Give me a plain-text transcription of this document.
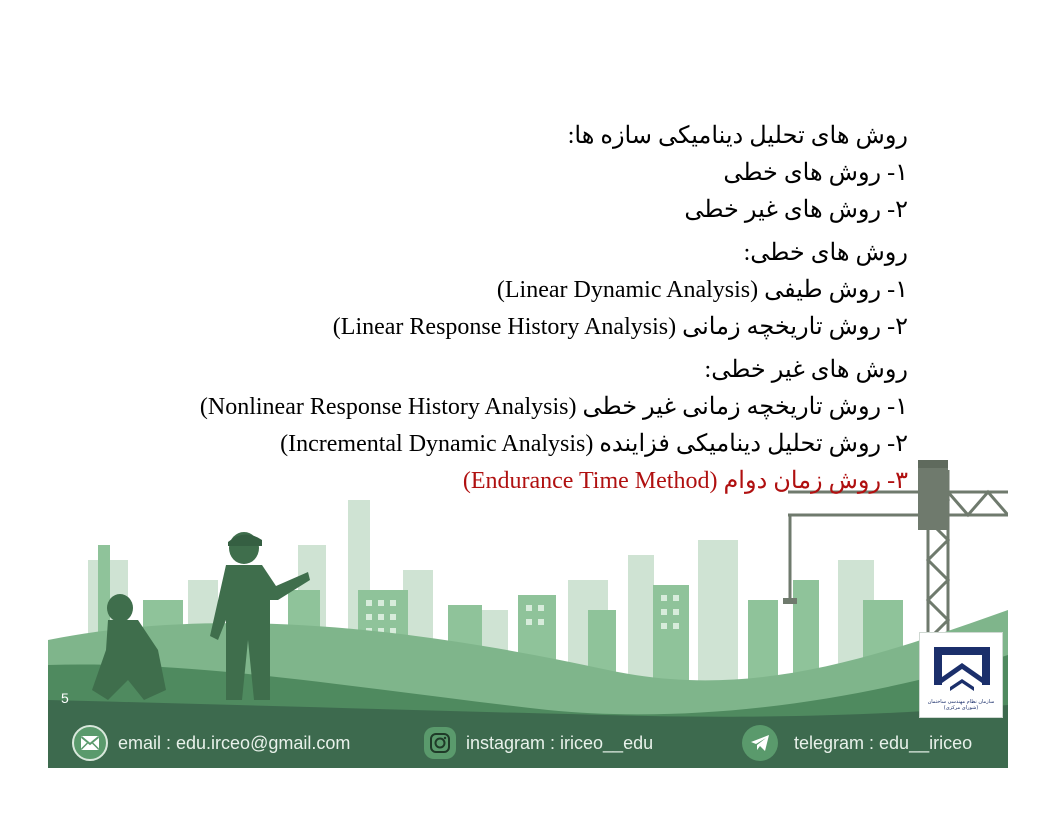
روش های تحلیل دینامیکی سازه ها:
۱- روش های خطی
۲- روش های غیر خطی
روش های خطی:
۱- روش طیفی (Linear Dynamic Analysis)
۲- روش تاریخچه زمانی (Linear Response History Analysis)
روش های غیر خطی:
۱- روش تاریخچه زمانی غیر خطی (Nonlinear Response History Analysis)
۲- روش تحلیل دینامیکی فزاینده (Incremental Dynamic Analysis)
۳- روش زمان دوام (Endurance Time Method)
5	سازمان نظام مهندسی ساختمان
(شورای مرکزی)
email : edu.irceo@gmail.com	instagram : iriceo__edu	telegram : edu__iriceo
